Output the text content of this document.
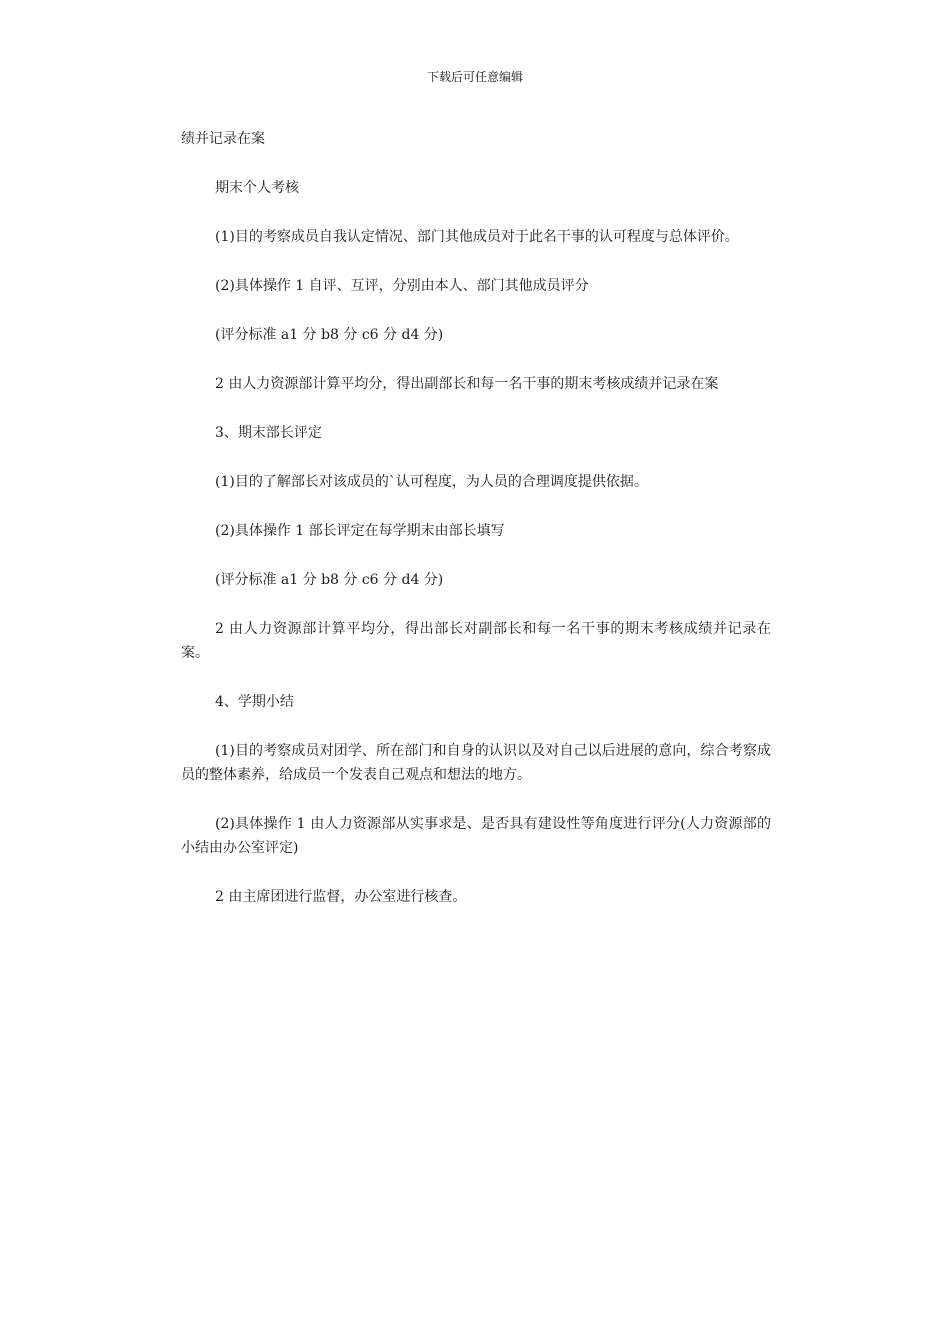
下载后可任意编辑

绩并记录在案

期末个人考核

(1)目的考察成员自我认定情况、部门其他成员对于此名干事的认可程度与总体评价。

(2)具体操作 1 自评、互评，分别由本人、部门其他成员评分

(评分标准 a1 分 b8 分 c6 分 d4 分)

2 由人力资源部计算平均分，得出副部长和每一名干事的期末考核成绩并记录在案

3、期末部长评定

(1)目的了解部长对该成员的`认可程度，为人员的合理调度提供依据。

(2)具体操作 1 部长评定在每学期末由部长填写

(评分标准 a1 分 b8 分 c6 分 d4 分)

2 由人力资源部计算平均分，得出部长对副部长和每一名干事的期末考核成绩并记录在案。

4、学期小结

(1)目的考察成员对团学、所在部门和自身的认识以及对自己以后进展的意向，综合考察成员的整体素养，给成员一个发表自己观点和想法的地方。

(2)具体操作 1 由人力资源部从实事求是、是否具有建设性等角度进行评分(人力资源部的小结由办公室评定)

2 由主席团进行监督，办公室进行核查。
